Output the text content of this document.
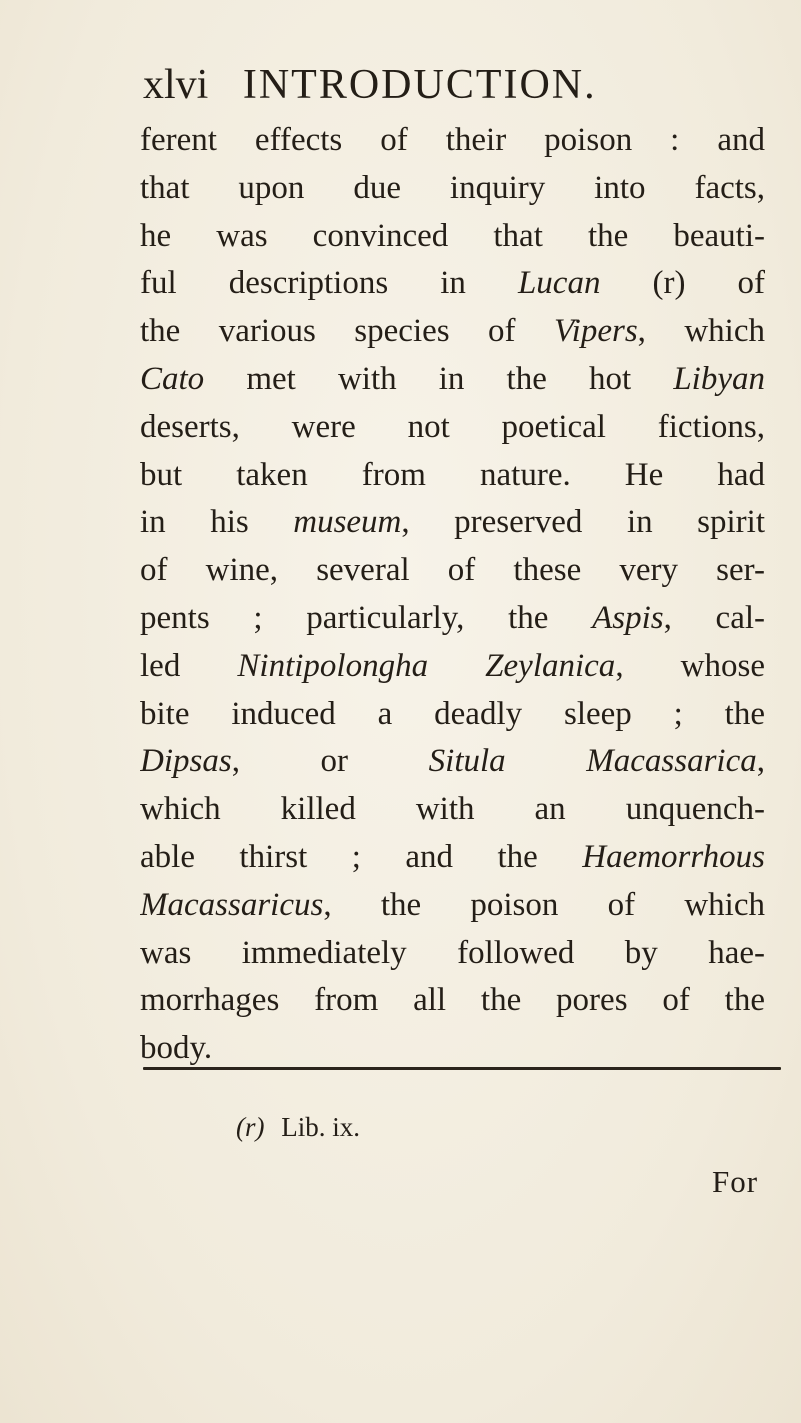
xlvi INTRODUCTION.
ferent effects of their poison : and
that upon due inquiry into facts,
he was convinced that the beauti-
ful descriptions in Lucan (r) of
the various species of Vipers, which
Cato met with in the hot Libyan
deserts, were not poetical fictions,
but taken from nature. He had
in his museum, preserved in spirit
of wine, several of these very ser-
pents ; particularly, the Aspis, cal-
led Nintipolongha Zeylanica, whose
bite induced a deadly sleep ; the
Dipsas, or Situla Macassarica,
which killed with an unquench-
able thirst ; and the Haemorrhous
Macassaricus, the poison of which
was immediately followed by hae-
morrhages from all the pores of the
body.
(r) Lib. ix.
For
